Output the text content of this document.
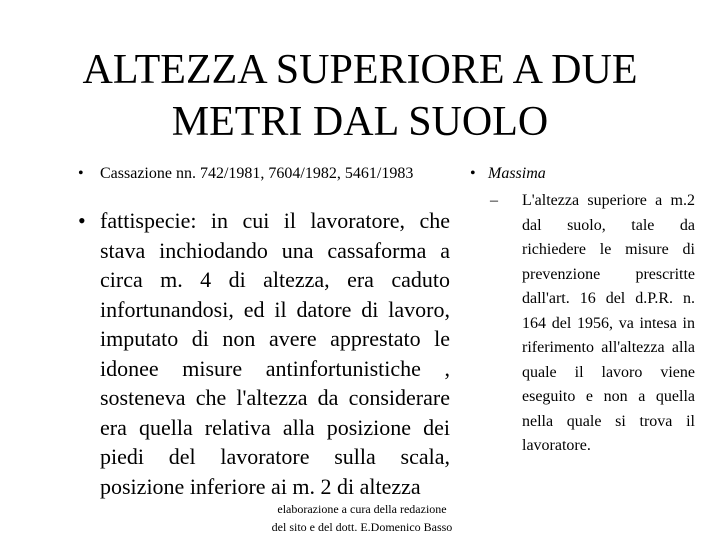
ALTEZZA SUPERIORE A DUE METRI DAL SUOLO
• Cassazione nn. 742/1981, 7604/1982, 5461/1983
• fattispecie: in cui il lavoratore, che stava inchiodando una cassaforma a circa m. 4 di altezza, era caduto infortunandosi, ed il datore di lavoro, imputato di non avere apprestato le idonee misure antinfortunistiche , sosteneva che l'altezza da considerare era quella relativa alla posizione dei piedi del lavoratore sulla scala, posizione inferiore ai m. 2 di altezza
• Massima
– L'altezza superiore a m.2 dal suolo, tale da richiedere le misure di prevenzione prescritte dall'art. 16 del d.P.R. n. 164 del 1956, va intesa in riferimento all'altezza alla quale il lavoro viene eseguito e non a quella nella quale si trova il lavoratore.
elaborazione a cura della redazione
del sito e del dott. E.Domenico Basso
